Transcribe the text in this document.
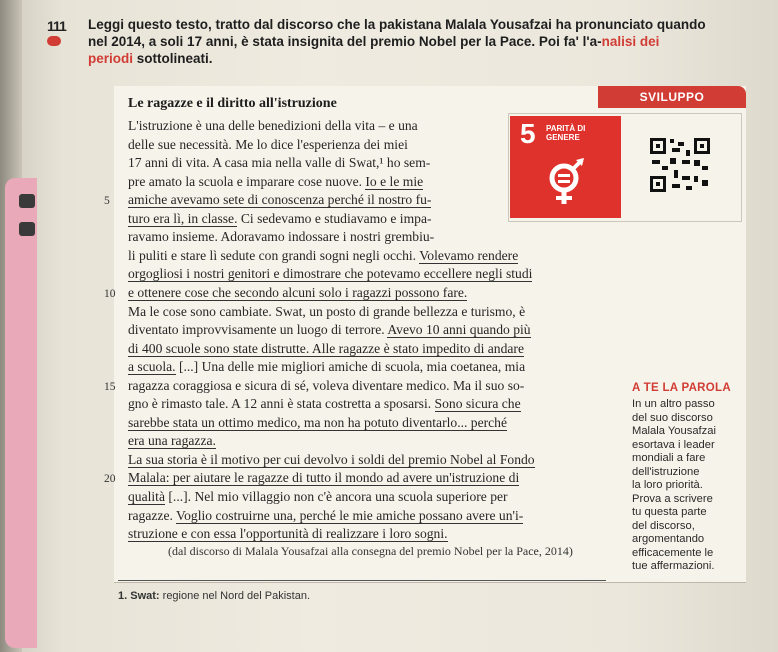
111	Leggi questo testo, tratto dal discorso che la pakistana Malala Yousafzai ha pronunciato quando nel 2014, a soli 17 anni, è stata insignita del premio Nobel per la Pace. Poi fa' l'a-nalisi dei periodi sottolineati.
SVILUPPO
Le ragazze e il diritto all'istruzione
5 PARITÀ DI GENERE
L'istruzione è una delle benedizioni della vita – e una
delle sue necessità. Me lo dice l'esperienza dei miei
17 anni di vita. A casa mia nella valle di Swat,¹ ho sem-
pre amato la scuola e imparare cose nuove. Io e le mie
5 amiche avevamo sete di conoscenza perché il nostro fu-
turo era lì, in classe. Ci sedevamo e studiavamo e impa-
ravamo insieme. Adoravamo indossare i nostri grembiu-
li puliti e stare lì sedute con grandi sogni negli occhi. Volevamo rendere
orgogliosi i nostri genitori e dimostrare che potevamo eccellere negli studi
10 e ottenere cose che secondo alcuni solo i ragazzi possono fare.
Ma le cose sono cambiate. Swat, un posto di grande bellezza e turismo, è
diventato improvvisamente un luogo di terrore. Avevo 10 anni quando più
di 400 scuole sono state distrutte. Alle ragazze è stato impedito di andare
a scuola. [...] Una delle mie migliori amiche di scuola, mia coetanea, mia
15 ragazza coraggiosa e sicura di sé, voleva diventare medico. Ma il suo so-
gno è rimasto tale. A 12 anni è stata costretta a sposarsi. Sono sicura che
sarebbe stata un ottimo medico, ma non ha potuto diventarlo... perché
era una ragazza.
La sua storia è il motivo per cui devolvo i soldi del premio Nobel al Fondo
20 Malala: per aiutare le ragazze di tutto il mondo ad avere un'istruzione di
qualità [...]. Nel mio villaggio non c'è ancora una scuola superiore per
ragazze. Voglio costruirne una, perché le mie amiche possano avere un'i-
struzione e con essa l'opportunità di realizzare i loro sogni.
(dal discorso di Malala Yousafzai alla consegna del premio Nobel per la Pace, 2014)
1. Swat: regione nel Nord del Pakistan.
A TE LA PAROLA
In un altro passo
del suo discorso
Malala Yousafzai
esortava i leader
mondiali a fare
dell'istruzione
la loro priorità.
Prova a scrivere
tu questa parte
del discorso,
argomentando
efficacemente le
tue affermazioni.
